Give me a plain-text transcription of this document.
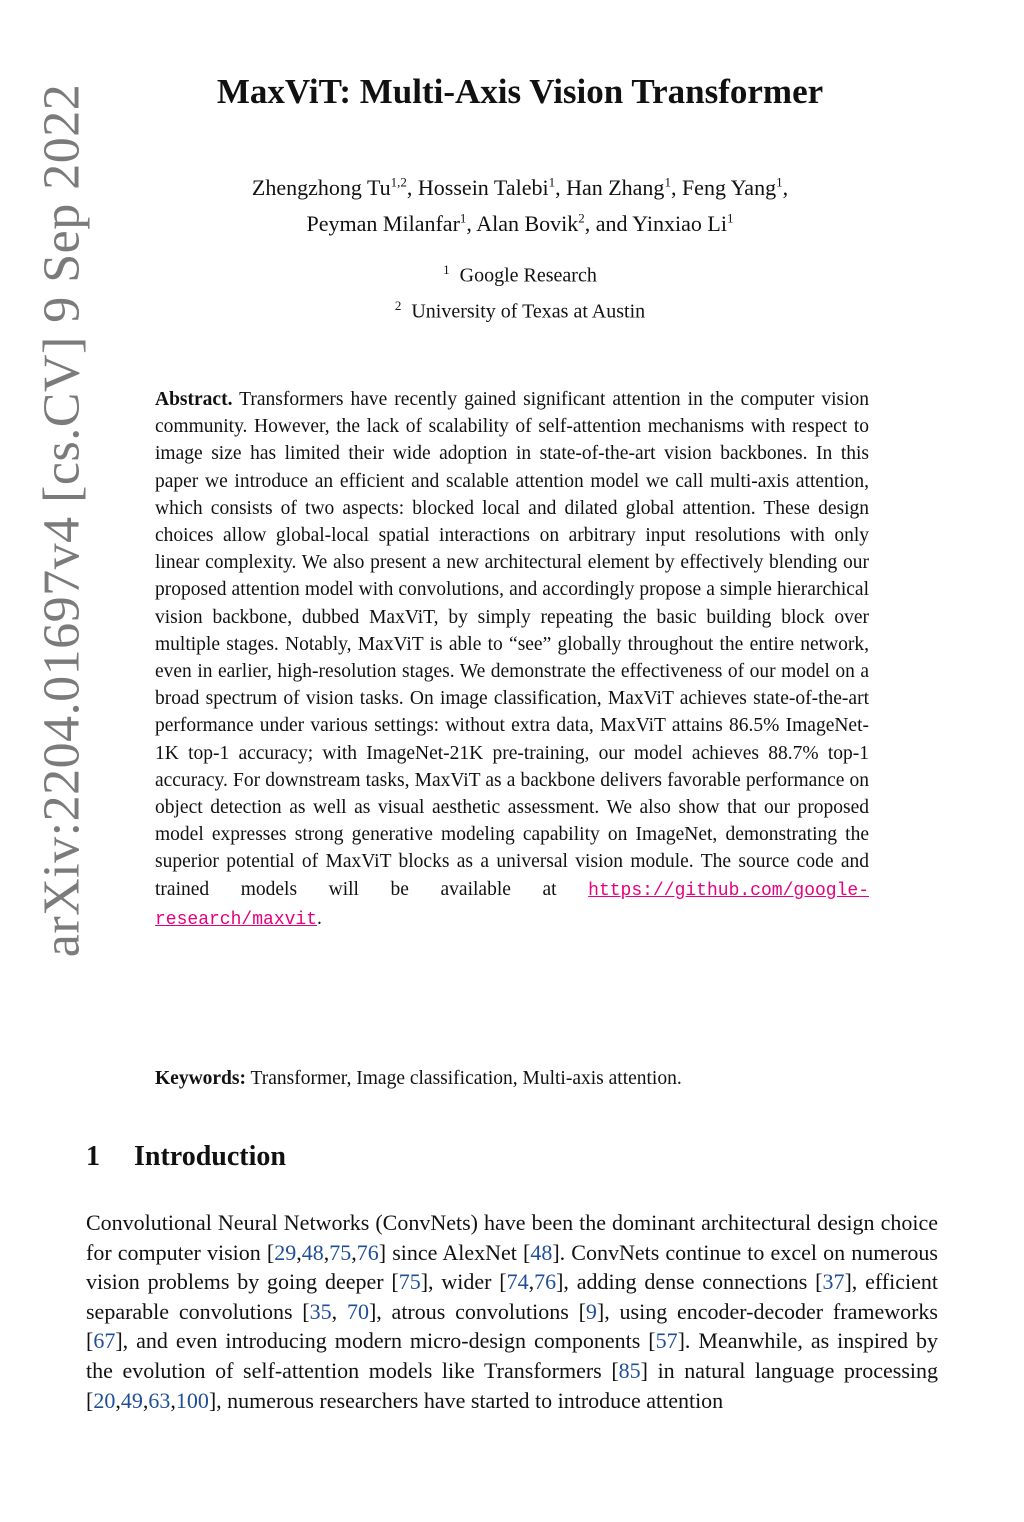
arXiv:2204.01697v4 [cs.CV] 9 Sep 2022	MaxViT: Multi-Axis Vision Transformer
Zhengzhong Tu$^{1,2}$, Hossein Talebi$^1$, Han Zhang$^1$, Feng Yang$^1$,
Peyman Milanfar$^1$, Alan Bovik$^2$, and Yinxiao Li$^1$
$^1$ Google Research
$^2$ University of Texas at Austin

Abstract. Transformers have recently gained significant attention in the computer vision community. However, the lack of scalability of self-attention mechanisms with respect to image size has limited their wide adoption in state-of-the-art vision backbones. In this paper we introduce an efficient and scalable attention model we call multi-axis attention, which consists of two aspects: blocked local and dilated global attention. These design choices allow global-local spatial interactions on arbitrary input resolutions with only linear complexity. We also present a new architectural element by effectively blending our proposed attention model with convolutions, and accordingly propose a simple hierarchical vision backbone, dubbed MaxViT, by simply repeating the basic building block over multiple stages. Notably, MaxViT is able to “see” globally throughout the entire network, even in earlier, high-resolution stages. We demonstrate the effectiveness of our model on a broad spectrum of vision tasks. On image classification, MaxViT achieves state-of-the-art performance under various settings: without extra data, MaxViT attains 86.5% ImageNet-1K top-1 accuracy; with ImageNet-21K pre-training, our model achieves 88.7% top-1 accuracy. For downstream tasks, MaxViT as a backbone delivers favorable performance on object detection as well as visual aesthetic assessment. We also show that our proposed model expresses strong generative modeling capability on ImageNet, demonstrating the superior potential of MaxViT blocks as a universal vision module. The source code and trained models will be available at https://github.com/google-research/maxvit.

Keywords: Transformer, Image classification, Multi-axis attention.
1 Introduction

Convolutional Neural Networks (ConvNets) have been the dominant architectural design choice for computer vision [29,48,75,76] since AlexNet [48]. ConvNets continue to excel on numerous vision problems by going deeper [75], wider [74,76], adding dense connections [37], efficient separable convolutions [35, 70], atrous convolutions [9], using encoder-decoder frameworks [67], and even introducing modern micro-design components [57]. Meanwhile, as inspired by the evolution of self-attention models like Transformers [85] in natural language processing [20,49,63,100], numerous researchers have started to introduce attention
